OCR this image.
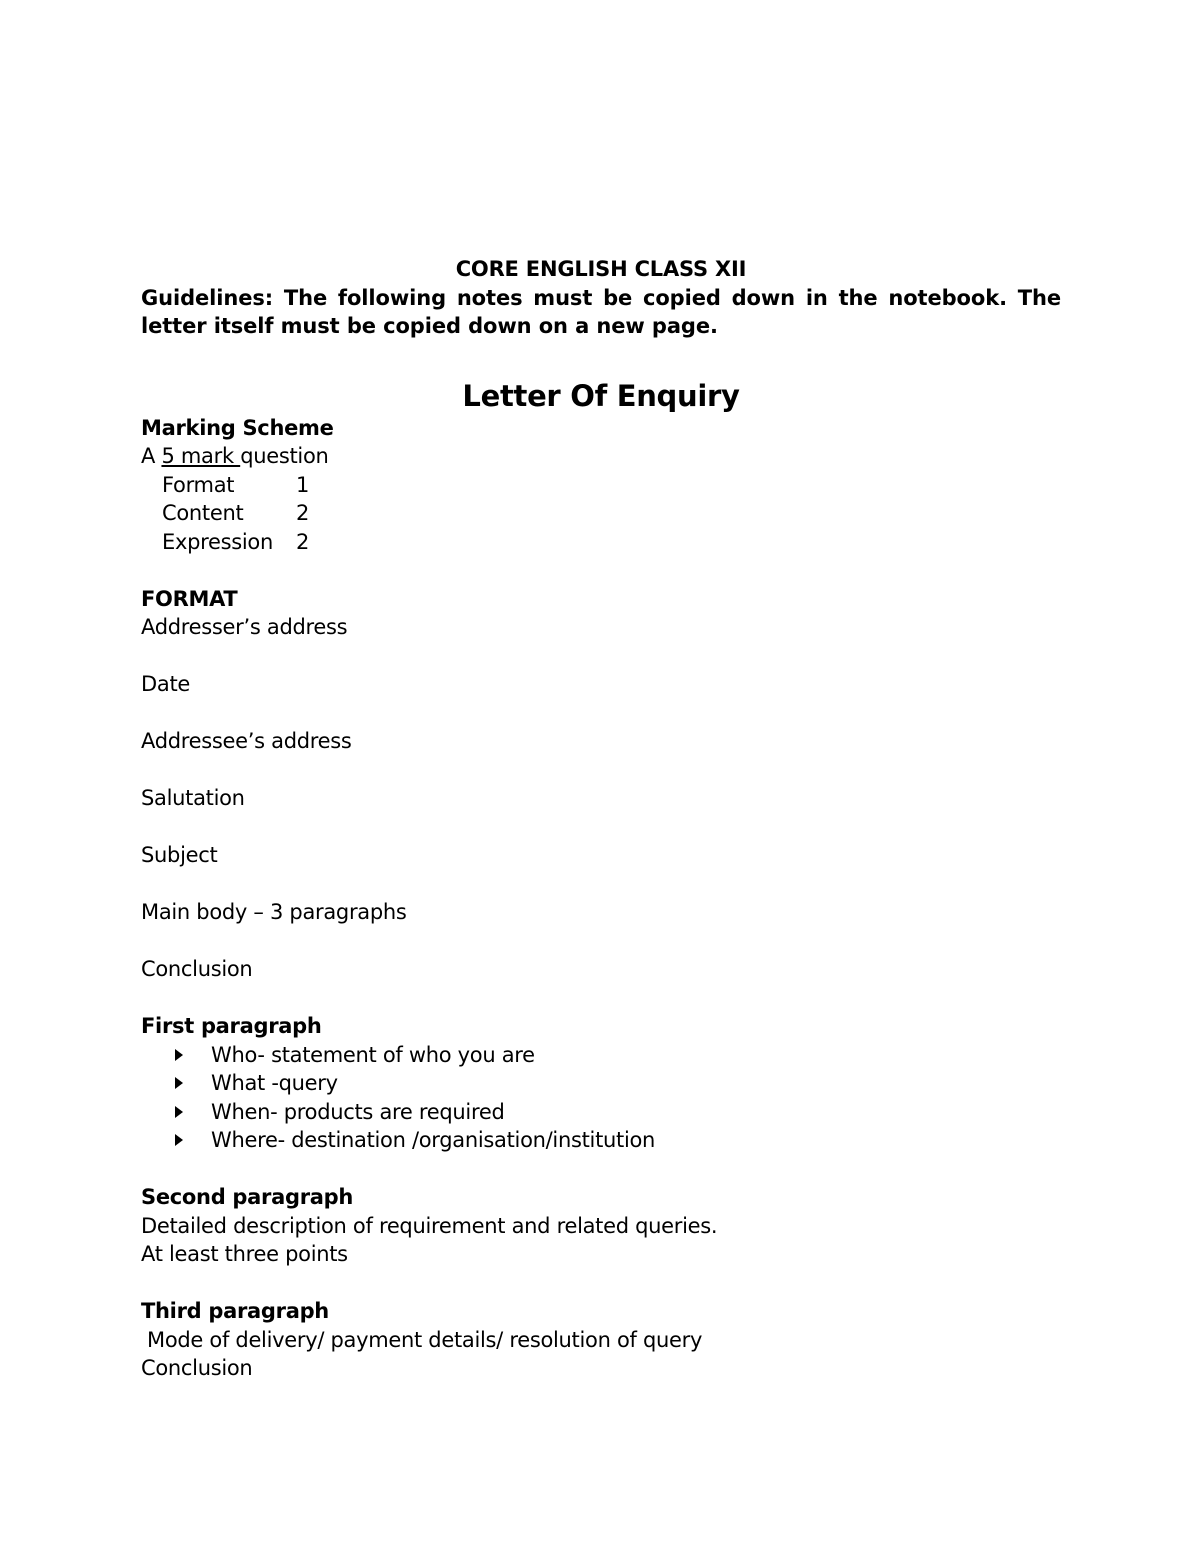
CORE ENGLISH CLASS XII
Guidelines: The following notes must be copied down in the notebook. The letter itself must be copied down on a new page.
Letter Of Enquiry
Marking Scheme
A 5 mark question
Format	1
Content	2
Expression	2
FORMAT
Addresser’s address
Date
Addressee’s address
Salutation
Subject
Main body – 3 paragraphs
Conclusion
First paragraph
Who- statement of who you are
What -query
When- products are required
Where- destination /organisation/institution
Second paragraph
Detailed description of requirement and related queries.
At least three points
Third paragraph
Mode of delivery/ payment details/ resolution of query
Conclusion
